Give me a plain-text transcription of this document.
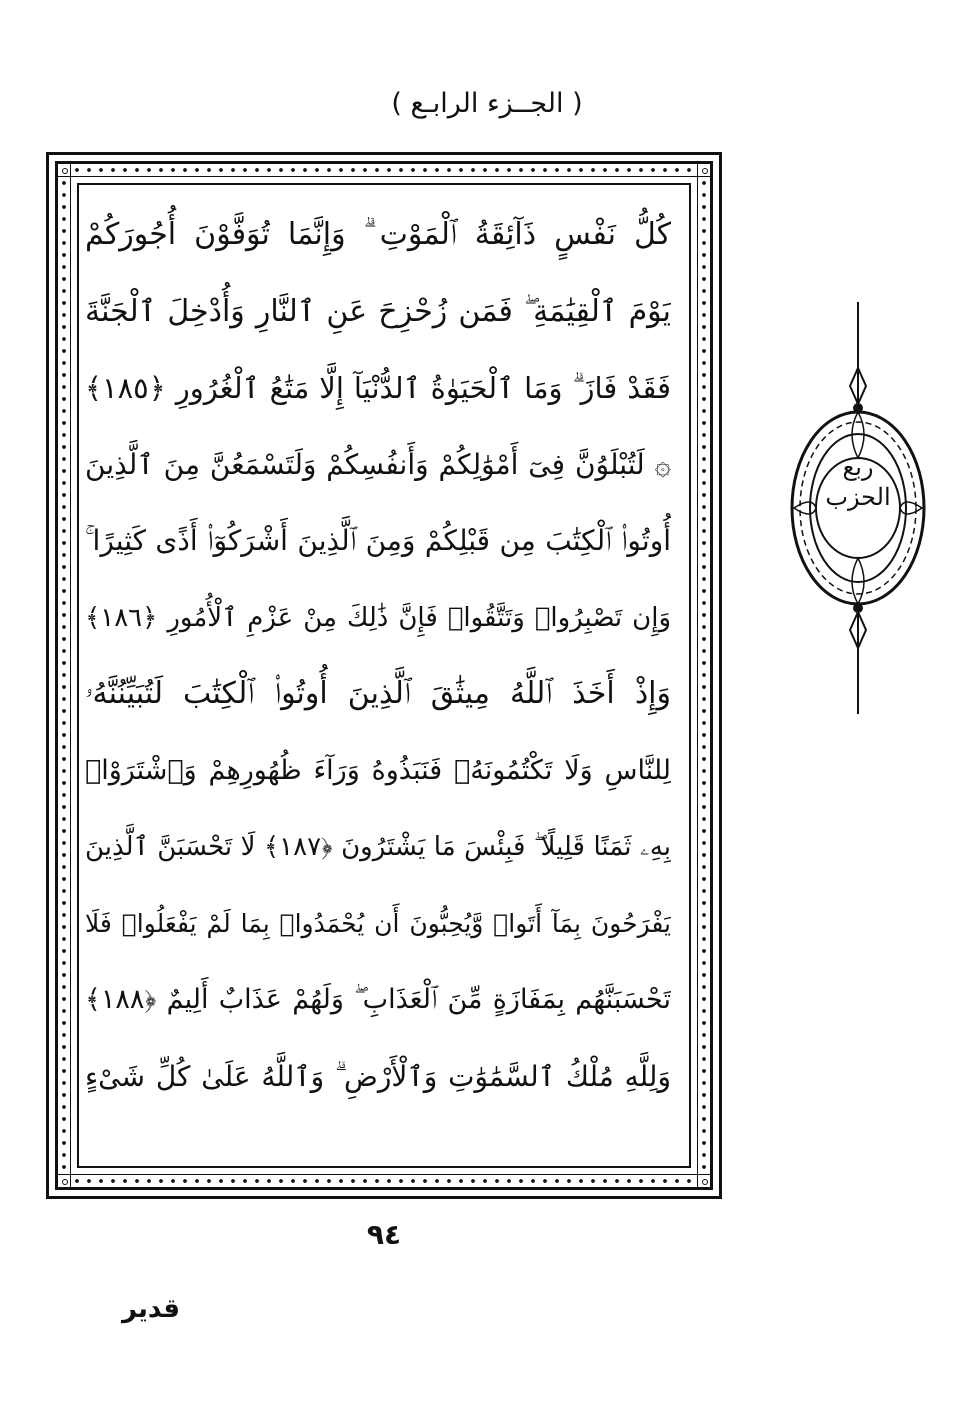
( الجــزء الرابـع )
كُلُّ نَفْسٍ ذَآئِقَةُ ٱلْمَوْتِ ۗ وَإِنَّمَا تُوَفَّوْنَ أُجُورَكُمْ
يَوْمَ ٱلْقِيَٰمَةِ ۖ فَمَن زُحْزِحَ عَنِ ٱلنَّارِ وَأُدْخِلَ ٱلْجَنَّةَ
فَقَدْ فَازَ ۗ وَمَا ٱلْحَيَوٰةُ ٱلدُّنْيَآ إِلَّا مَتَٰعُ ٱلْغُرُورِ ﴿١٨٥﴾
۞ لَتُبْلَوُنَّ فِىٓ أَمْوَٰلِكُمْ وَأَنفُسِكُمْ وَلَتَسْمَعُنَّ مِنَ ٱلَّذِينَ
أُوتُوا۟ ٱلْكِتَٰبَ مِن قَبْلِكُمْ وَمِنَ ٱلَّذِينَ أَشْرَكُوٓا۟ أَذًى كَثِيرًا ۚ
وَإِن تَصْبِرُوا۟ وَتَتَّقُوا۟ فَإِنَّ ذَٰلِكَ مِنْ عَزْمِ ٱلْأُمُورِ ﴿١٨٦﴾
وَإِذْ أَخَذَ ٱللَّهُ مِيثَٰقَ ٱلَّذِينَ أُوتُوا۟ ٱلْكِتَٰبَ لَتُبَيِّنُنَّهُۥ
لِلنَّاسِ وَلَا تَكْتُمُونَهُۥ فَنَبَذُوهُ وَرَآءَ ظُهُورِهِمْ وَٱشْتَرَوْا۟
بِهِۦ ثَمَنًا قَلِيلًا ۖ فَبِئْسَ مَا يَشْتَرُونَ ﴿١٨٧﴾ لَا تَحْسَبَنَّ ٱلَّذِينَ
يَفْرَحُونَ بِمَآ أَتَوا۟ وَّيُحِبُّونَ أَن يُحْمَدُوا۟ بِمَا لَمْ يَفْعَلُوا۟ فَلَا
تَحْسَبَنَّهُم بِمَفَازَةٍ مِّنَ ٱلْعَذَابِ ۖ وَلَهُمْ عَذَابٌ أَلِيمٌ ﴿١٨٨﴾
وَلِلَّهِ مُلْكُ ٱلسَّمَٰوَٰتِ وَٱلْأَرْضِ ۗ وَٱللَّهُ عَلَىٰ كُلِّ شَىْءٍ
ربع
الحزب
٩٤
قدير
